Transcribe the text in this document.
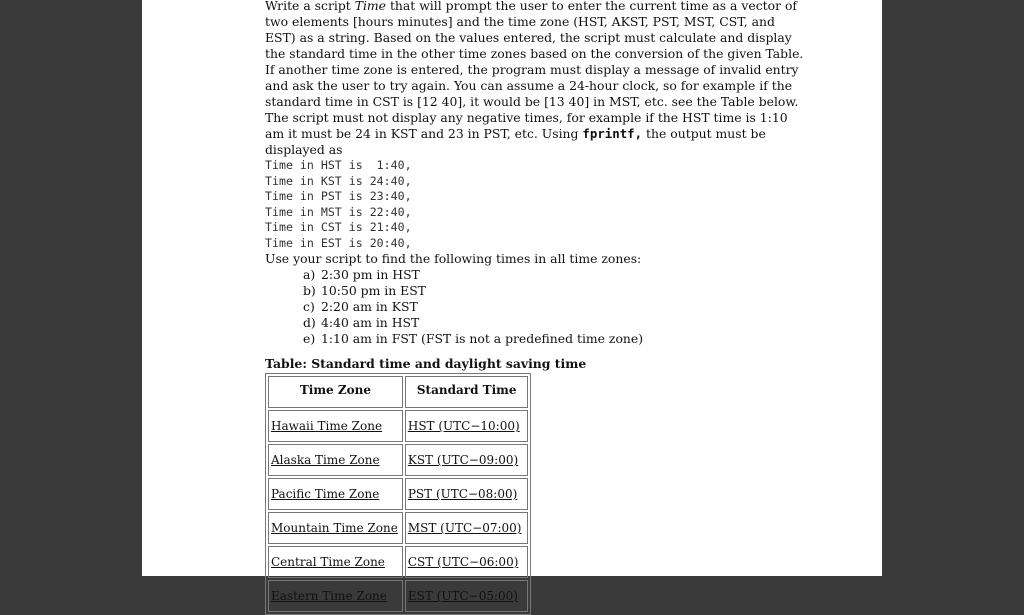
Write a script Time that will prompt the user to enter the current time as a vector of two elements [hours minutes] and the time zone (HST, AKST, PST, MST, CST, and EST) as a string. Based on the values entered, the script must calculate and display the standard time in the other time zones based on the conversion of the given Table. If another time zone is entered, the program must display a message of invalid entry and ask the user to try again. You can assume a 24-hour clock, so for example if the standard time in CST is [12 40], it would be [13 40] in MST, etc. see the Table below. The script must not display any negative times, for example if the HST time is 1:10 am it must be 24 in KST and 23 in PST, etc. Using fprintf, the output must be displayed as

Time in HST is  1:40,
Time in KST is 24:40,
Time in PST is 23:40,
Time in MST is 22:40,
Time in CST is 21:40,
Time in EST is 20:40,

Use your script to find the following times in all time zones:

a) 2:30 pm in HST
b) 10:50 pm in EST
c) 2:20 am in KST
d) 4:40 am in HST
e) 1:10 am in FST (FST is not a predefined time zone)
Table: Standard time and daylight saving time
Time Zone	Standard Time
Hawaii Time Zone	HST (UTC−10:00)
Alaska Time Zone	KST (UTC−09:00)
Pacific Time Zone	PST (UTC−08:00)
Mountain Time Zone	MST (UTC−07:00)
Central Time Zone	CST (UTC−06:00)
Eastern Time Zone	EST (UTC−05:00)
